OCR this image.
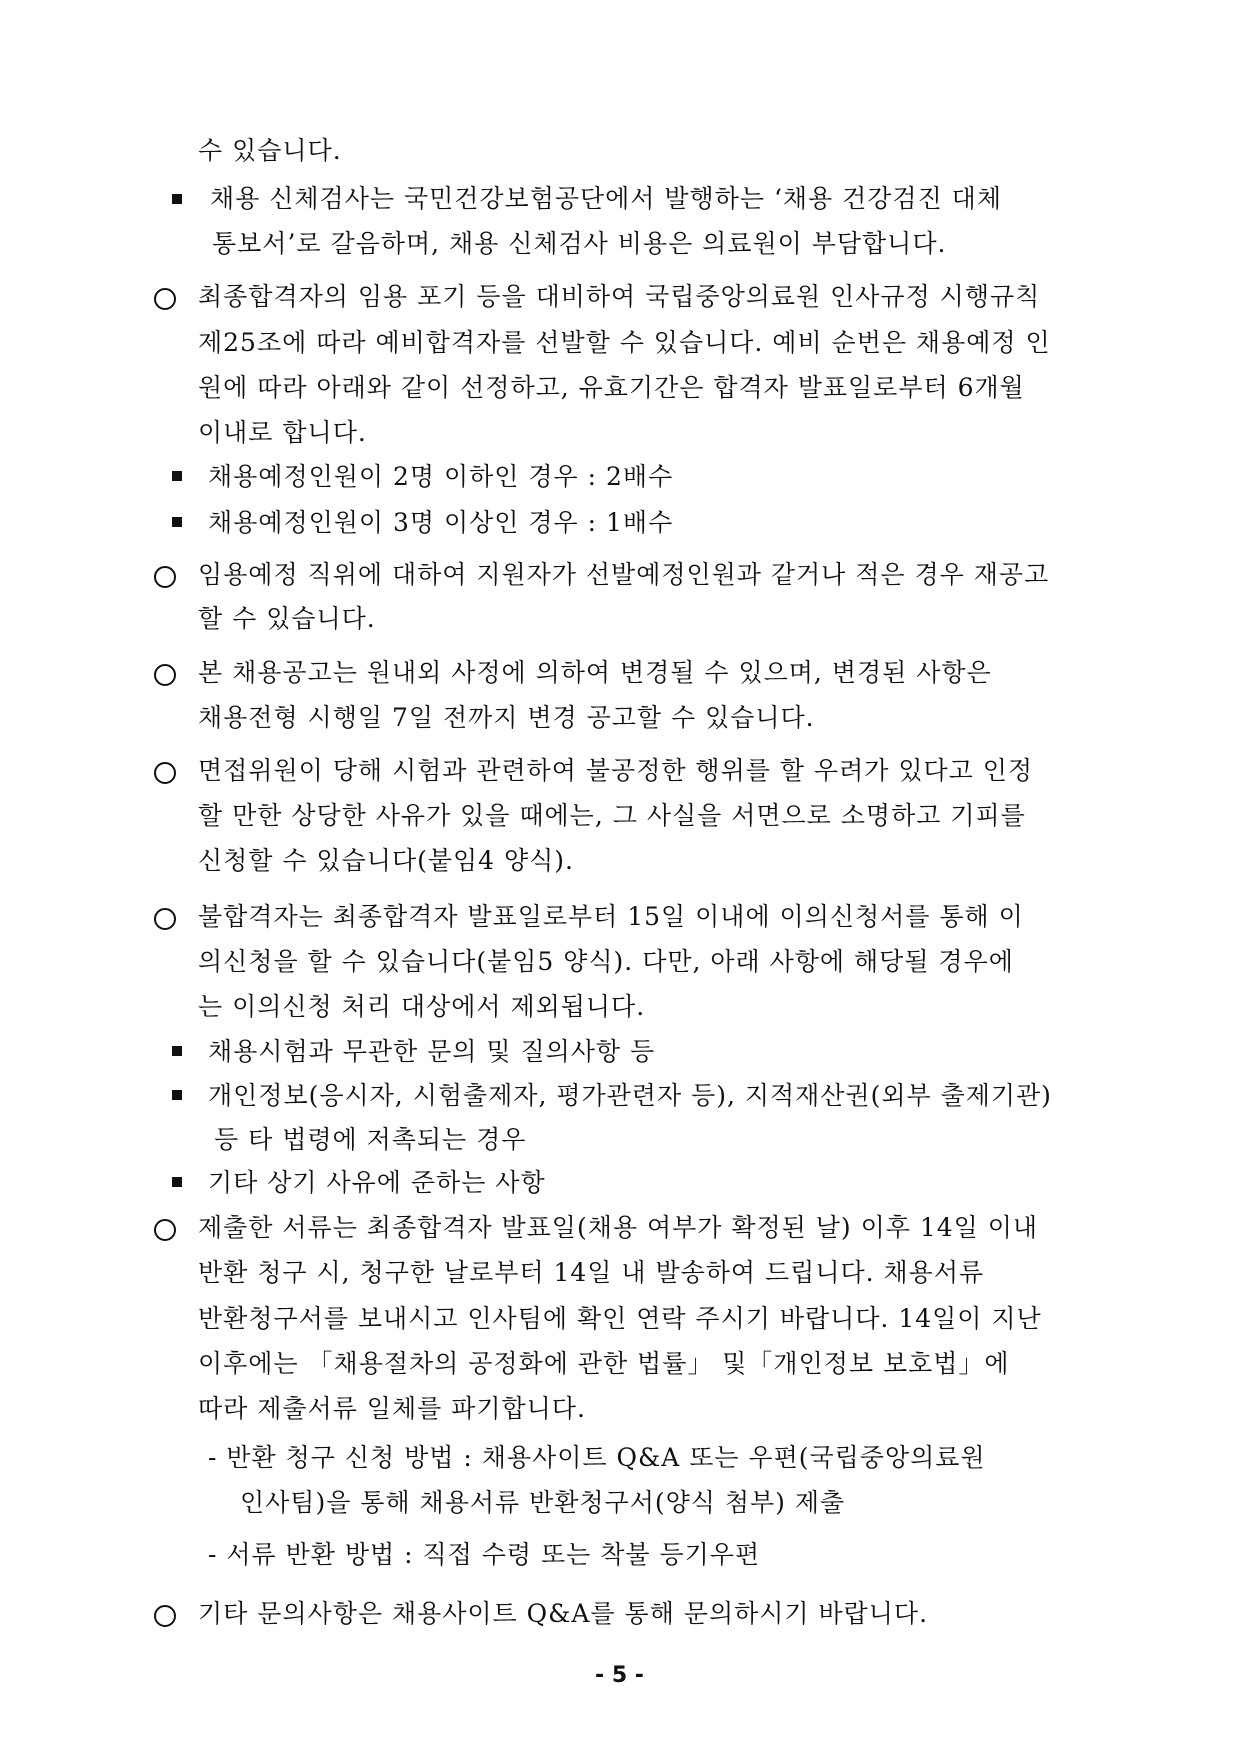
수 있습니다.
채용 신체검사는 국민건강보험공단에서 발행하는 ‘채용 건강검진 대체
통보서’로 갈음하며, 채용 신체검사 비용은 의료원이 부담합니다.
최종합격자의 임용 포기 등을 대비하여 국립중앙의료원 인사규정 시행규칙
제25조에 따라 예비합격자를 선발할 수 있습니다. 예비 순번은 채용예정 인
원에 따라 아래와 같이 선정하고, 유효기간은 합격자 발표일로부터 6개월
이내로 합니다.
채용예정인원이 2명 이하인 경우 : 2배수
채용예정인원이 3명 이상인 경우 : 1배수
임용예정 직위에 대하여 지원자가 선발예정인원과 같거나 적은 경우 재공고
할 수 있습니다.
본 채용공고는 원내외 사정에 의하여 변경될 수 있으며, 변경된 사항은
채용전형 시행일 7일 전까지 변경 공고할 수 있습니다.
면접위원이 당해 시험과 관련하여 불공정한 행위를 할 우려가 있다고 인정
할 만한 상당한 사유가 있을 때에는, 그 사실을 서면으로 소명하고 기피를
신청할 수 있습니다(붙임4 양식).
불합격자는 최종합격자 발표일로부터 15일 이내에 이의신청서를 통해 이
의신청을 할 수 있습니다(붙임5 양식). 다만, 아래 사항에 해당될 경우에
는 이의신청 처리 대상에서 제외됩니다.
채용시험과 무관한 문의 및 질의사항 등
개인정보(응시자, 시험출제자, 평가관련자 등), 지적재산권(외부 출제기관)
등 타 법령에 저촉되는 경우
기타 상기 사유에 준하는 사항
제출한 서류는 최종합격자 발표일(채용 여부가 확정된 날) 이후 14일 이내
반환 청구 시, 청구한 날로부터 14일 내 발송하여 드립니다. 채용서류
반환청구서를 보내시고 인사팀에 확인 연락 주시기 바랍니다. 14일이 지난
이후에는 「채용절차의 공정화에 관한 법률」 및「개인정보 보호법」에
따라 제출서류 일체를 파기합니다.
- 반환 청구 신청 방법 : 채용사이트 Q&A 또는 우편(국립중앙의료원
인사팀)을 통해 채용서류 반환청구서(양식 첨부) 제출
- 서류 반환 방법 : 직접 수령 또는 착불 등기우편
기타 문의사항은 채용사이트 Q&A를 통해 문의하시기 바랍니다.
- 5 -
